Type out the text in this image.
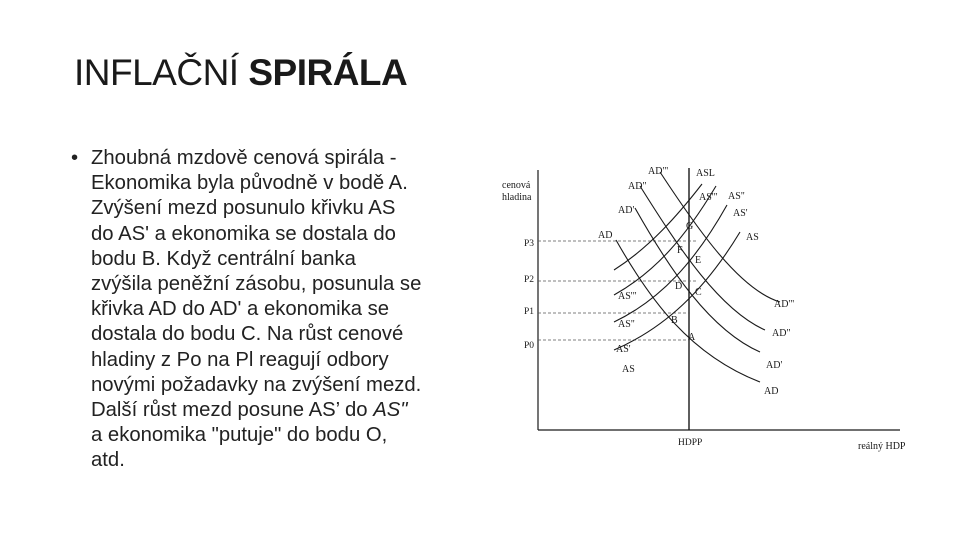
INFLAČNÍ SPIRÁLA
• Zhoubná mzdově cenová spirála -
Ekonomika byla původně v bodě A.
Zvýšení mezd posunulo křivku AS
do AS' a ekonomika se dostala do
bodu B. Když centrální banka
zvýšila peněžní zásobu, posunula se
křivka AD do AD' a ekonomika se
dostala do bodu C. Na růst cenové
hladiny z Po na Pl reagují odbory
novými požadavky na zvýšení mezd.
Další růst mezd posune AS’ do AS"
a ekonomika "putuje" do bodu O,
atd.
cenová
hladina
reálný HDP
HDPP
ASL
P3
P2
P1
P0
AD
AD
AD'
AD'
AD"
AD"
AD'"
AD'"
AS
AS
AS'
AS'
AS"
AS"
AS'"
AS'"
A
B
C
D
E
F
G
